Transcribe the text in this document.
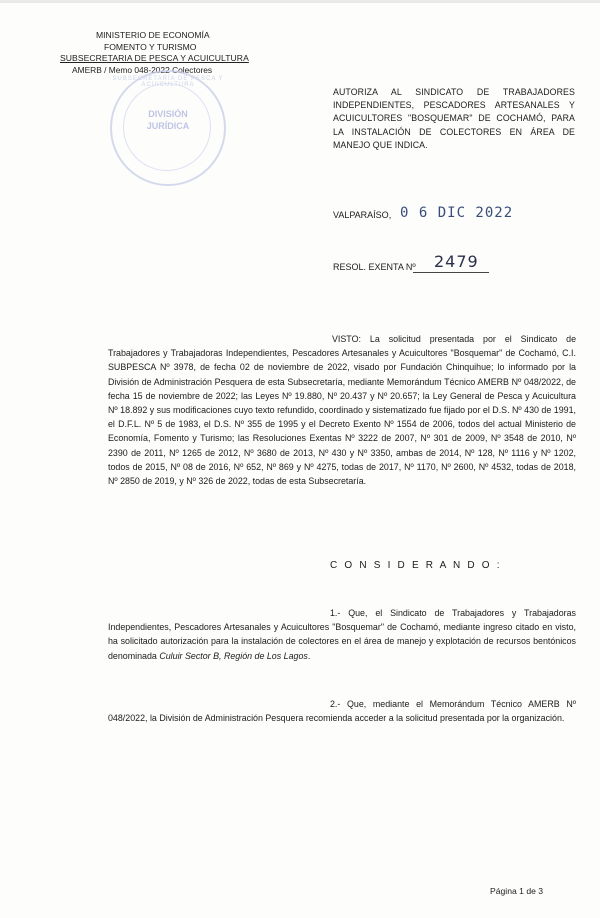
MINISTERIO DE ECONOMÍA
FOMENTO Y TURISMO
SUBSECRETARIA DE PESCA Y ACUICULTURA
AMERB / Memo 048-2022 Colectores
SUBSECRETARÍA DE PESCA Y ACUICULTURA
DIVISIÓN
JURÍDICA
AUTORIZA AL SINDICATO DE TRABAJADORES INDEPENDIENTES, PESCADORES ARTESANALES Y ACUICULTORES "BOSQUEMAR" DE COCHAMÓ, PARA LA INSTALACIÓN DE COLECTORES EN ÁREA DE MANEJO QUE INDICA.
VALPARAÍSO, 0 6 DIC 2022
RESOL. EXENTA Nº 2479
VISTO: La solicitud presentada por el Sindicato de Trabajadores y Trabajadoras Independientes, Pescadores Artesanales y Acuicultores "Bosquemar" de Cochamó, C.I. SUBPESCA Nº 3978, de fecha 02 de noviembre de 2022, visado por Fundación Chinquihue; lo informado por la División de Administración Pesquera de esta Subsecretaría, mediante Memorándum Técnico AMERB Nº 048/2022, de fecha 15 de noviembre de 2022; las Leyes Nº 19.880, Nº 20.437 y Nº 20.657; la Ley General de Pesca y Acuicultura Nº 18.892 y sus modificaciones cuyo texto refundido, coordinado y sistematizado fue fijado por el D.S. Nº 430 de 1991, el D.F.L. Nº 5 de 1983, el D.S. Nº 355 de 1995 y el Decreto Exento Nº 1554 de 2006, todos del actual Ministerio de Economía, Fomento y Turismo; las Resoluciones Exentas Nº 3222 de 2007, Nº 301 de 2009, Nº 3548 de 2010, Nº 2390 de 2011, Nº 1265 de 2012, Nº 3680 de 2013, Nº 430 y Nº 3350, ambas de 2014, Nº 128, Nº 1116 y Nº 1202, todos de 2015, Nº 08 de 2016, Nº 652, Nº 869 y Nº 4275, todas de 2017, Nº 1170, Nº 2600, Nº 4532, todas de 2018, Nº 2850 de 2019, y Nº 326 de 2022, todas de esta Subsecretaría.
C O N S I D E R A N D O :
1.- Que, el Sindicato de Trabajadores y Trabajadoras Independientes, Pescadores Artesanales y Acuicultores "Bosquemar" de Cochamó, mediante ingreso citado en visto, ha solicitado autorización para la instalación de colectores en el área de manejo y explotación de recursos bentónicos denominada Culuir Sector B, Región de Los Lagos.
2.- Que, mediante el Memorándum Técnico AMERB Nº 048/2022, la División de Administración Pesquera recomienda acceder a la solicitud presentada por la organización.
Página 1 de 3
